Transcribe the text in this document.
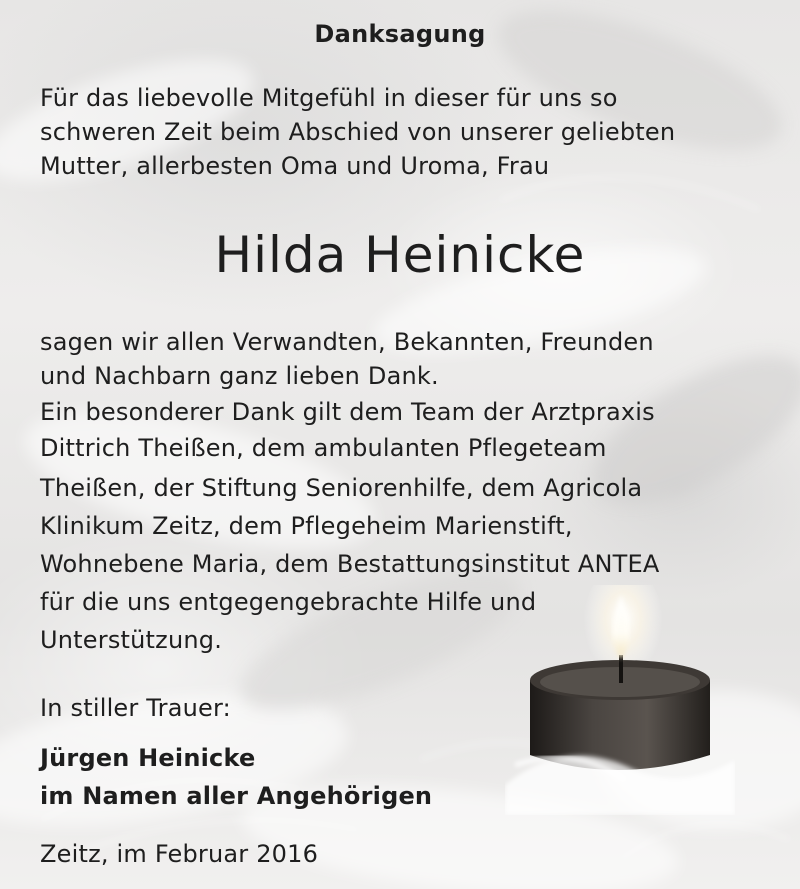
Danksagung

Für das liebevolle Mitgefühl in dieser für uns so

schweren Zeit beim Abschied von unserer geliebten

Mutter, allerbesten Oma und Uroma, Frau

Hilda Heinicke

sagen wir allen Verwandten, Bekannten, Freunden

und Nachbarn ganz lieben Dank.

Ein besonderer Dank gilt dem Team der Arztpraxis

Dittrich Theißen, dem ambulanten Pflegeteam

Theißen, der Stiftung Seniorenhilfe, dem Agricola

Klinikum Zeitz, dem Pflegeheim Marienstift,

Wohnebene Maria, dem Bestattungsinstitut ANTEA

für die uns entgegengebrachte Hilfe und

Unterstützung.

In stiller Trauer:

Jürgen Heinicke

im Namen aller Angehörigen

Zeitz, im Februar 2016
